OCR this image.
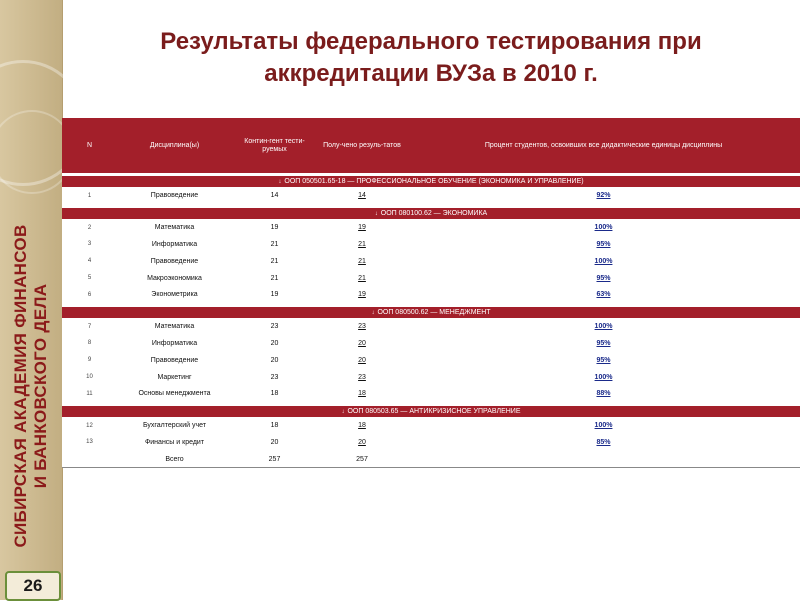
СИБИРСКАЯ АКАДЕМИЯ ФИНАНСОВ И БАНКОВСКОГО ДЕЛА
26
Результаты федерального тестирования при
аккредитации ВУЗа в 2010 г.
N	Дисциплина(ы)	Контин-гент тести-руемых	Полу-чено резуль-татов	Процент студентов, освоивших все дидактические единицы дисциплины

↓ ООП 050501.65-18 — ПРОФЕССИОНАЛЬНОЕ ОБУЧЕНИЕ (ЭКОНОМИКА И УПРАВЛЕНИЕ)				
1	Правоведение	14	14	92%

↓ ООП 080100.62 — ЭКОНОМИКА				
2	Математика	19	19	100%
3	Информатика	21	21	95%
4	Правоведение	21	21	100%
5	Макроэкономика	21	21	95%
6	Эконометрика	19	19	63%

↓ ООП 080500.62 — МЕНЕДЖМЕНТ				
7	Математика	23	23	100%
8	Информатика	20	20	95%
9	Правоведение	20	20	95%
10	Маркетинг	23	23	100%
11	Основы менеджмента	18	18	88%

↓ ООП 080503.65 — АНТИКРИЗИСНОЕ УПРАВЛЕНИЕ				
12	Бухгалтерский учет	18	18	100%
13	Финансы и кредит	20	20	85%
	Всего	257	257	
